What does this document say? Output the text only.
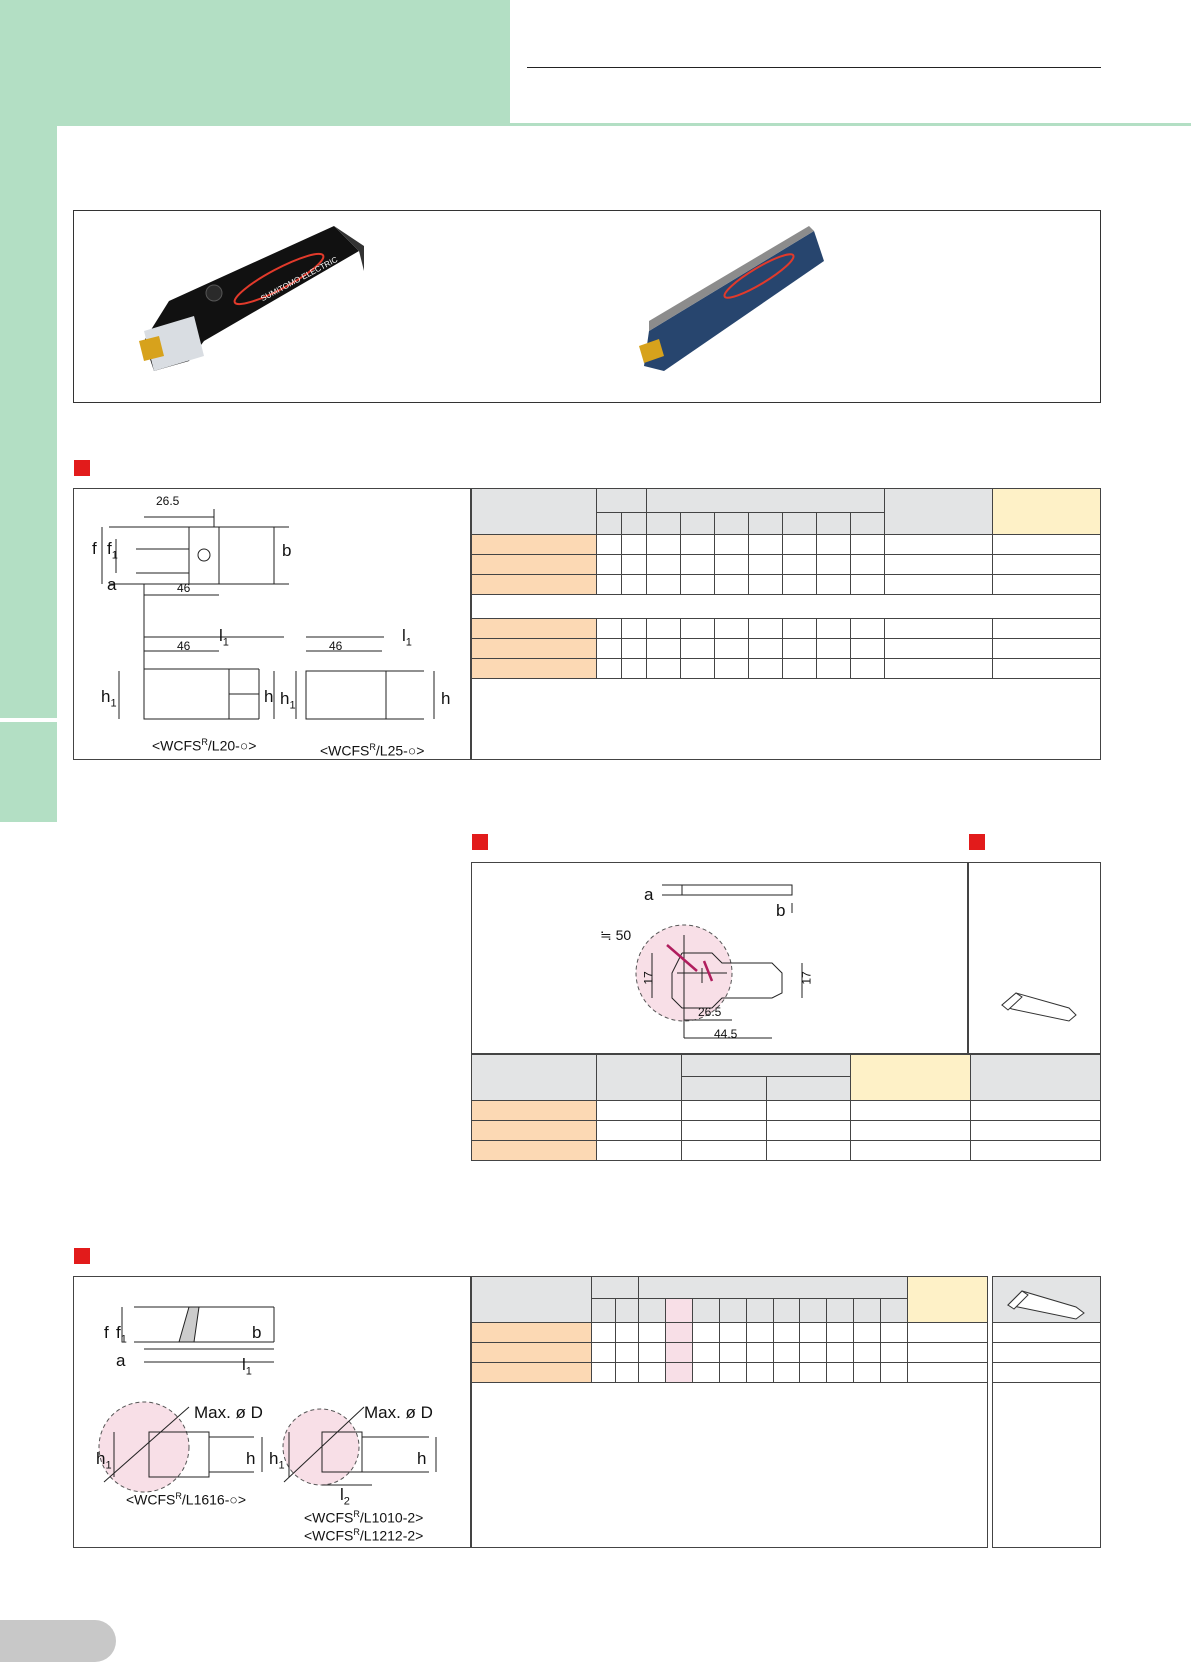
SUMITOMO ELECTRIC
26.5
f $f_1$	b
a	46
$l_1$
46
$l_1$
46
$h_1$	h $h_1$	h
$<WCFS^R/L20-○>$	$<WCFS^R/L25-○>$

a
b
≒ 50
17	17
26.5
44.5

f $f_1$	b
a	$l_1$
Max. ø D	Max. ø D
$h_1$	h $h_1$	h
$l_2$
$<WCFS^R/L1616-○>$
$<WCFS^R/L1010-2>$
$<WCFS^R/L1212-2>$
